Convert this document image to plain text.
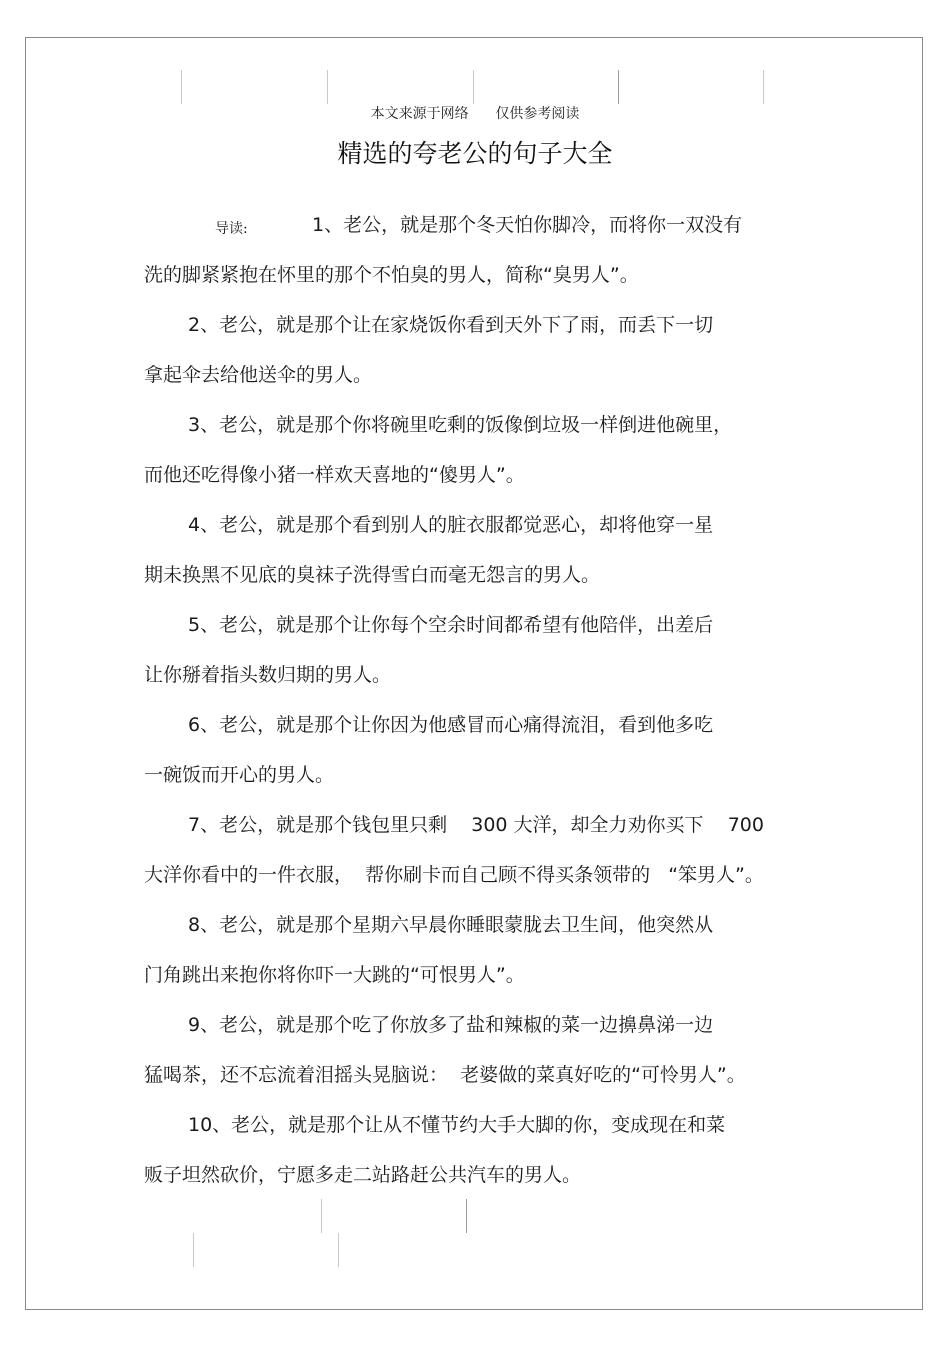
本文来源于网络      仅供参考阅读
精选的夸老公的句子大全
导读:	1、老公，就是那个冬天怕你脚冷，而将你一双没有
洗的脚紧紧抱在怀里的那个不怕臭的男人，简称“臭男人”。
2、老公，就是那个让在家烧饭你看到天外下了雨，而丢下一切
拿起伞去给他送伞的男人。
3、老公，就是那个你将碗里吃剩的饭像倒垃圾一样倒进他碗里，
而他还吃得像小猪一样欢天喜地的“傻男人”。
4、老公，就是那个看到别人的脏衣服都觉恶心，却将他穿一星
期未换黑不见底的臭袜子洗得雪白而毫无怨言的男人。
5、老公，就是那个让你每个空余时间都希望有他陪伴，出差后
让你掰着指头数归期的男人。
6、老公，就是那个让你因为他感冒而心痛得流泪，看到他多吃
一碗饭而开心的男人。
7、老公，就是那个钱包里只剩    300 大洋，却全力劝你买下    700
大洋你看中的一件衣服，  帮你刷卡而自己顾不得买条领带的   “笨男人”。
8、老公，就是那个星期六早晨你睡眼蒙胧去卫生间，他突然从
门角跳出来抱你将你吓一大跳的“可恨男人”。
9、老公，就是那个吃了你放多了盐和辣椒的菜一边擤鼻涕一边
猛喝茶，还不忘流着泪摇头晃脑说：  老婆做的菜真好吃的“可怜男人”。
10、老公，就是那个让从不懂节约大手大脚的你，变成现在和菜
贩子坦然砍价，宁愿多走二站路赶公共汽车的男人。
